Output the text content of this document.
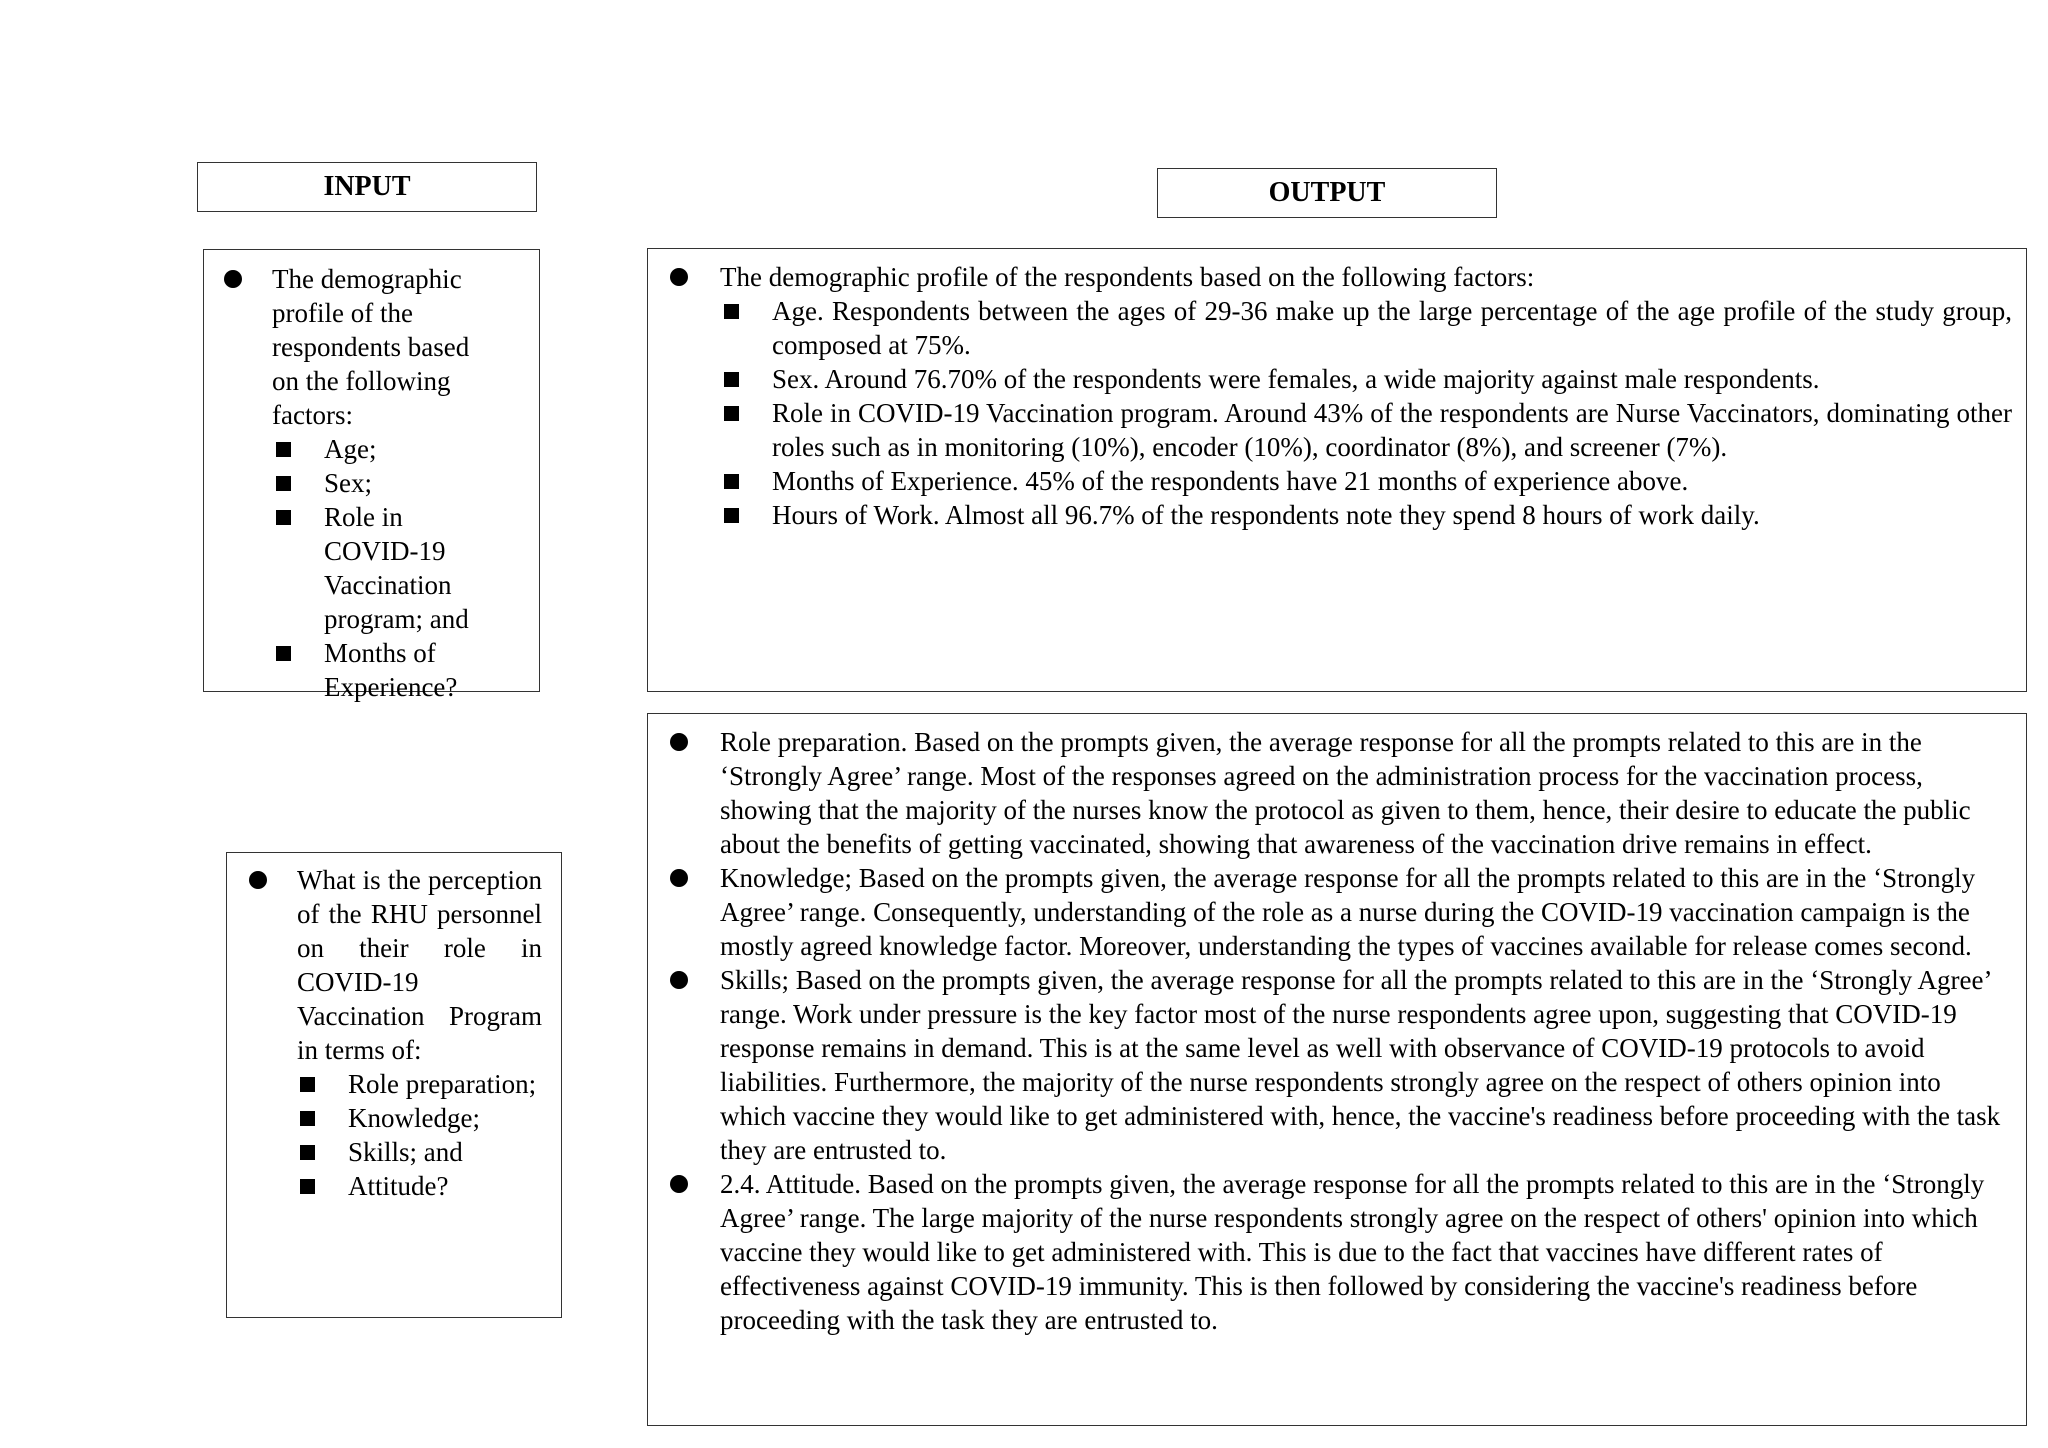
INPUT	OUTPUT
The demographic profile of the respondents based on the following factors:
Age;
Sex;
Role in COVID-19 Vaccination program; and
Months of Experience?
What is the perception of the RHU personnel on their role in COVID-19 Vaccination Program in terms of:
Role preparation;
Knowledge;
Skills; and
Attitude?
The demographic profile of the respondents based on the following factors:
Age. Respondents between the ages of 29-36 make up the large percentage of the age profile of the study group, composed at 75%.
Sex. Around 76.70% of the respondents were females, a wide majority against male respondents.
Role in COVID-19 Vaccination program. Around 43% of the respondents are Nurse Vaccinators, dominating other roles such as in monitoring (10%), encoder (10%), coordinator (8%), and screener (7%).
Months of Experience. 45% of the respondents have 21 months of experience above.
Hours of Work. Almost all 96.7% of the respondents note they spend 8 hours of work daily.
Role preparation. Based on the prompts given, the average response for all the prompts related to this are in the ‘Strongly Agree’ range. Most of the responses agreed on the administration process for the vaccination process, showing that the majority of the nurses know the protocol as given to them, hence, their desire to educate the public about the benefits of getting vaccinated, showing that awareness of the vaccination drive remains in effect.
Knowledge; Based on the prompts given, the average response for all the prompts related to this are in the ‘Strongly Agree’ range. Consequently, understanding of the role as a nurse during the COVID-19 vaccination campaign is the mostly agreed knowledge factor. Moreover, understanding the types of vaccines available for release comes second.
Skills; Based on the prompts given, the average response for all the prompts related to this are in the ‘Strongly Agree’ range. Work under pressure is the key factor most of the nurse respondents agree upon, suggesting that COVID-19 response remains in demand. This is at the same level as well with observance of COVID-19 protocols to avoid liabilities. Furthermore, the majority of the nurse respondents strongly agree on the respect of others opinion into which vaccine they would like to get administered with, hence, the vaccine's readiness before proceeding with the task they are entrusted to.
2.4. Attitude. Based on the prompts given, the average response for all the prompts related to this are in the ‘Strongly Agree’ range. The large majority of the nurse respondents strongly agree on the respect of others' opinion into which vaccine they would like to get administered with. This is due to the fact that vaccines have different rates of effectiveness against COVID-19 immunity. This is then followed by considering the vaccine's readiness before proceeding with the task they are entrusted to.
